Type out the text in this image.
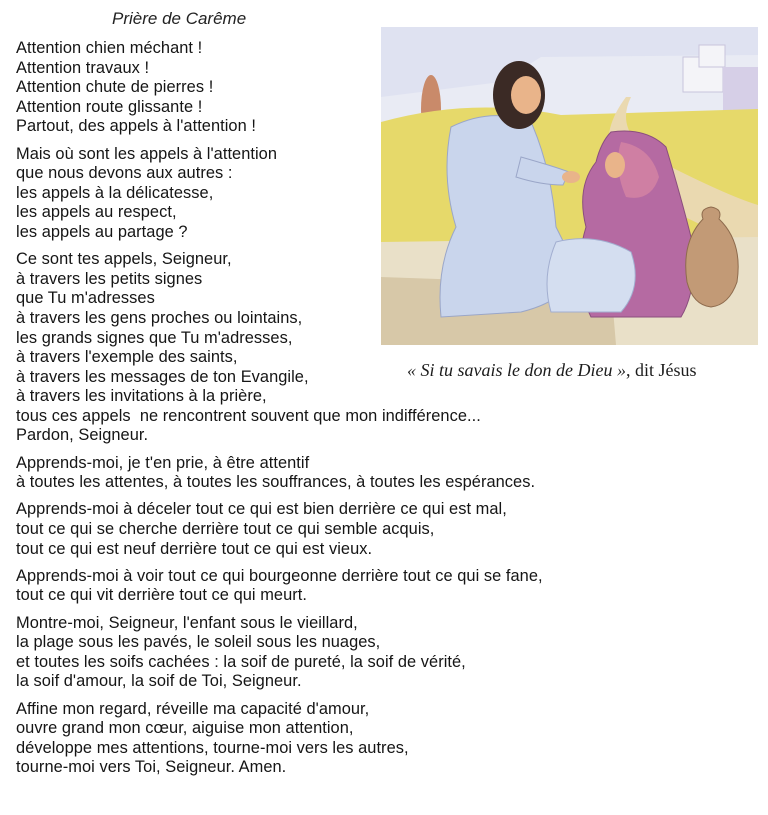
Prière de Carême
Attention chien méchant !
Attention travaux !
Attention chute de pierres !
Attention route glissante !
Partout, des appels à l'attention !
Mais où sont les appels à l'attention
que nous devons aux autres :
les appels à la délicatesse,
les appels au respect,
les appels au partage ?
Ce sont tes appels, Seigneur,
à travers les petits signes
que Tu m'adresses
à travers les gens proches ou lointains,
les grands signes que Tu m'adresses,
à travers l'exemple des saints,
à travers les messages de ton Evangile,
à travers les invitations à la prière,
tous ces appels  ne rencontrent souvent que mon indifférence...
Pardon, Seigneur.
Apprends-moi, je t'en prie, à être attentif
à toutes les attentes, à toutes les souffrances, à toutes les espérances.
Apprends-moi à déceler tout ce qui est bien derrière ce qui est mal,
tout ce qui se cherche derrière tout ce qui semble acquis,
tout ce qui est neuf derrière tout ce qui est vieux.
Apprends-moi à voir tout ce qui bourgeonne derrière tout ce qui se fane,
tout ce qui vit derrière tout ce qui meurt.
Montre-moi, Seigneur, l'enfant sous le vieillard,
la plage sous les pavés, le soleil sous les nuages,
et toutes les soifs cachées : la soif de pureté, la soif de vérité,
la soif d'amour, la soif de Toi, Seigneur.
Affine mon regard, réveille ma capacité d'amour,
ouvre grand mon cœur, aiguise mon attention,
développe mes attentions, tourne-moi vers les autres,
tourne-moi vers Toi, Seigneur. Amen.
« Si tu savais le don de Dieu », dit Jésus
